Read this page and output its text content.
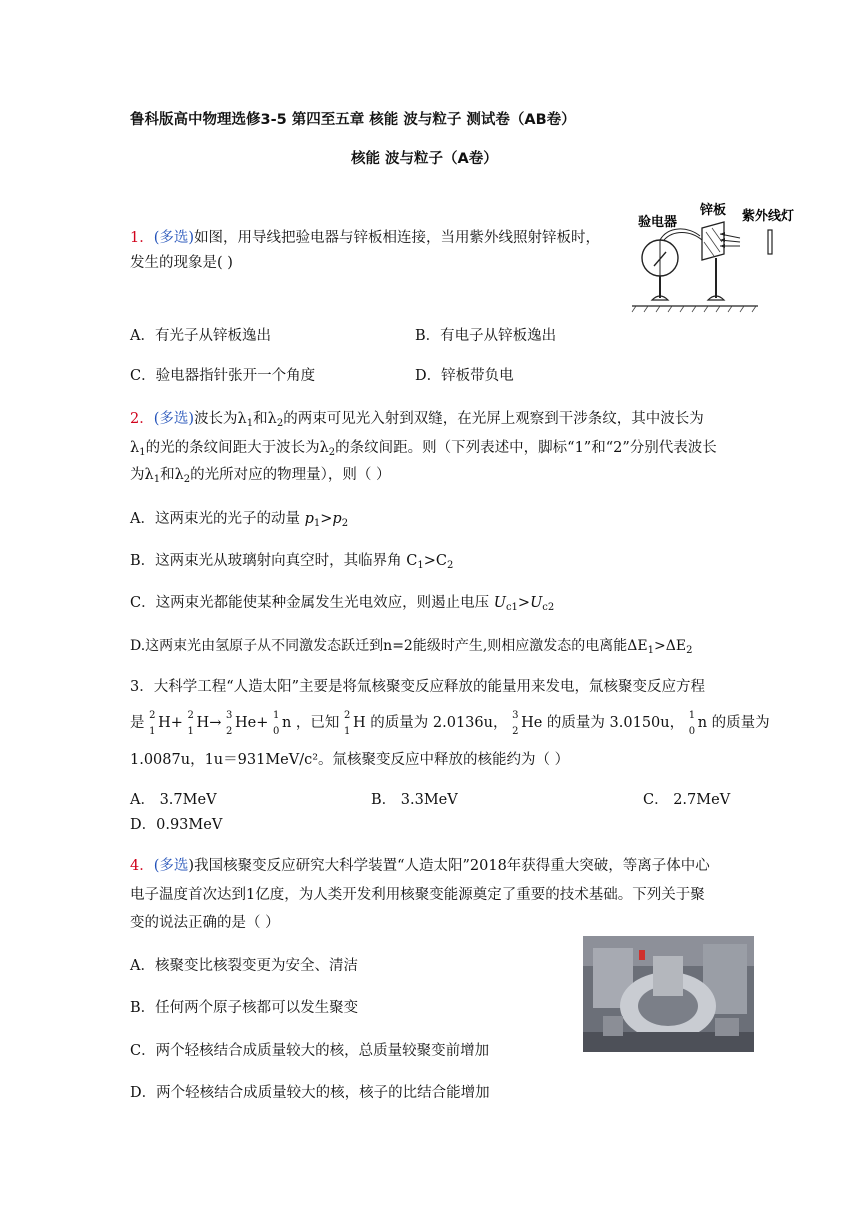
鲁科版高中物理选修3-5 第四至五章 核能 波与粒子 测试卷（AB卷）
核能 波与粒子（A卷）
1．(多选)如图，用导线把验电器与锌板相连接，当用紫外线照射锌板时，
发生的现象是( )
验电器
锌板 紫外线灯
A．有光子从锌板逸出	B．有电子从锌板逸出
C．验电器指针张开一个角度	D．锌板带负电
2．(多选)波长为$\lambda_1$和$\lambda_2$的两束可见光入射到双缝，在光屏上观察到干涉条纹，其中波长为
$\lambda_1$的光的条纹间距大于波长为$\lambda_2$的条纹间距。则（下列表述中，脚标“1”和“2”分别代表波长
为$\lambda_1$和$\lambda_2$的光所对应的物理量），则（ ）
A．这两束光的光子的动量 $p_1>p_2$
B．这两束光从玻璃射向真空时，其临界角 $C_1>C_2$
C．这两束光都能使某种金属发生光电效应，则遏止电压 $U_{c1}>U_{c2}$
D.这两束光由氢原子从不同激发态跃迁到n=2能级时产生,则相应激发态的电离能$\Delta E_1>\Delta E_2$
3．大科学工程“人造太阳”主要是将氚核聚变反应释放的能量用来发电，氚核聚变反应方程
是 2
1
H+ 2
1
H→ 3
2
He+ 1
0
n ，已知 2
1
H 的质量为 2.0136u， 3
2
He 的质量为 3.0150u， 1
0
n 的质量为
1.0087u，1u＝931MeV/c²。氚核聚变反应中释放的核能约为（ ）
A． 3.7MeV	B． 3.3MeV	C． 2.7MeV
D．0.93MeV
4．(多选)我国核聚变反应研究大科学装置“人造太阳”2018年获得重大突破，等离子体中心
电子温度首次达到1亿度，为人类开发利用核聚变能源奠定了重要的技术基础。下列关于聚
变的说法正确的是（ ）
A．核聚变比核裂变更为安全、清洁
B．任何两个原子核都可以发生聚变
C．两个轻核结合成质量较大的核，总质量较聚变前增加
D．两个轻核结合成质量较大的核，核子的比结合能增加
